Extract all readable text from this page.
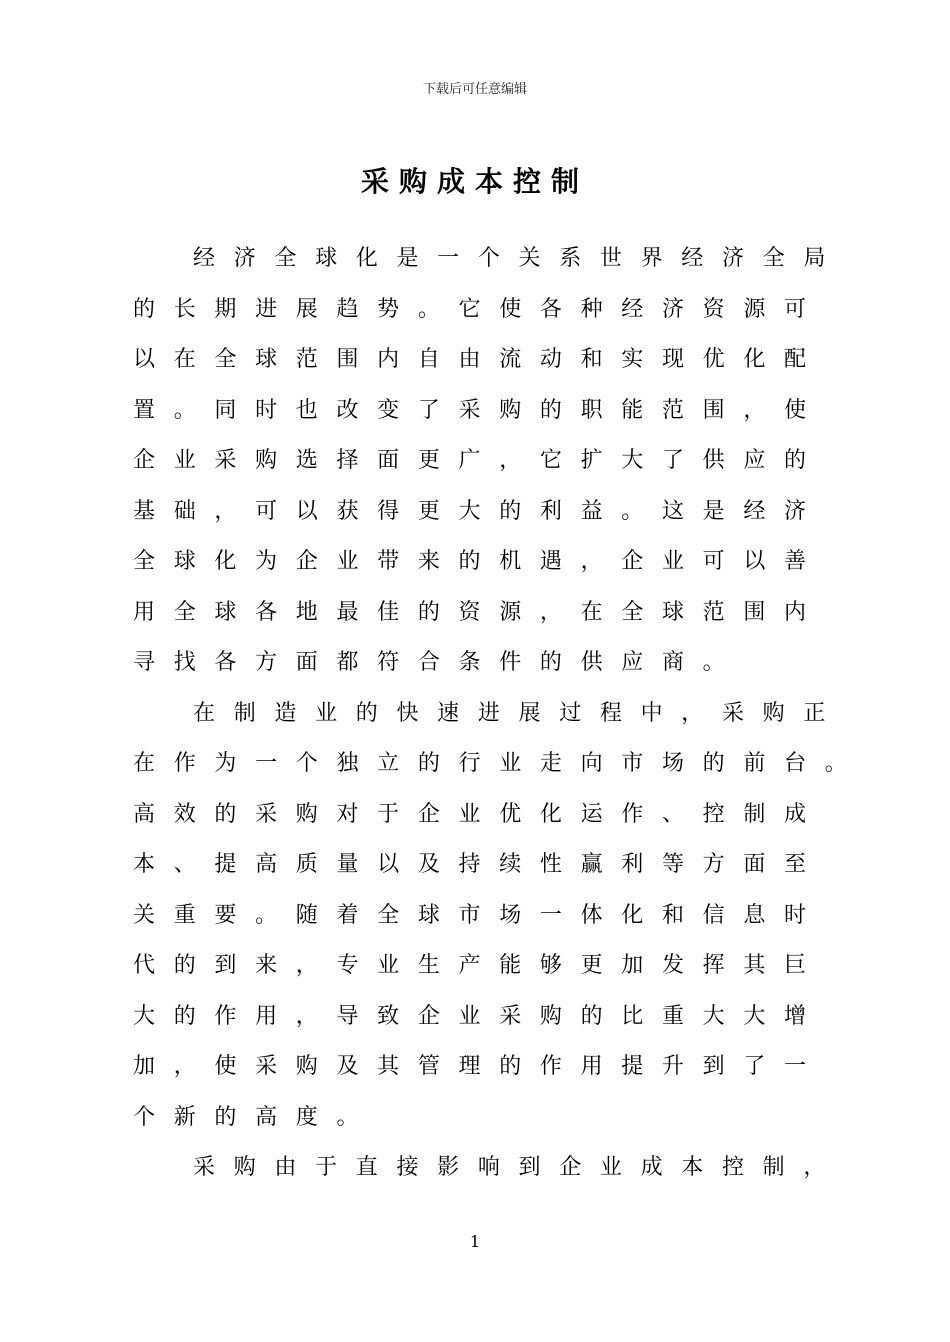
下载后可任意编辑
采购成本控制
经 济 全 球 化 是 一 个 关 系 世 界 经 济 全 局
的 长 期 进 展 趋 势 。 它 使 各 种 经 济 资 源 可
以 在 全 球 范 围 内 自 由 流 动 和 实 现 优 化 配
置 。 同 时 也 改 变 了 采 购 的 职 能 范 围 ， 使
企 业 采 购 选 择 面 更 广 ， 它 扩 大 了 供 应 的
基 础 ， 可 以 获 得 更 大 的 利 益 。 这 是 经 济
全 球 化 为 企 业 带 来 的 机 遇 ， 企 业 可 以 善
用 全 球 各 地 最 佳 的 资 源 ， 在 全 球 范 围 内
寻 找 各 方 面 都 符 合 条 件 的 供 应 商 。
在 制 造 业 的 快 速 进 展 过 程 中 ， 采 购 正
在 作 为 一 个 独 立 的 行 业 走 向 市 场 的 前 台 。
高 效 的 采 购 对 于 企 业 优 化 运 作 、 控 制 成
本 、 提 高 质 量 以 及 持 续 性 赢 利 等 方 面 至
关 重 要 。 随 着 全 球 市 场 一 体 化 和 信 息 时
代 的 到 来 ， 专 业 生 产 能 够 更 加 发 挥 其 巨
大 的 作 用 ， 导 致 企 业 采 购 的 比 重 大 大 增
加 ， 使 采 购 及 其 管 理 的 作 用 提 升 到 了 一
个 新 的 高 度 。
采 购 由 于 直 接 影 响 到 企 业 成 本 控 制 ，
1
